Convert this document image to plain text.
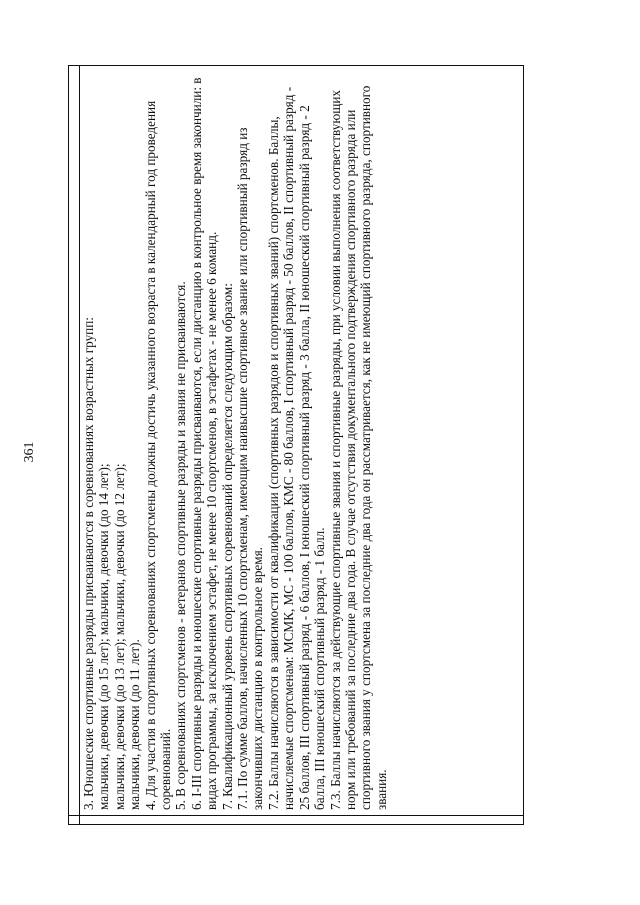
361	3. Юношеские спортивные разряды присваиваются в соревнованиях возрастных групп: мальчики, девочки (до 15 лет); мальчики, девочки (до 14 лет); мальчики, девочки (до 13 лет); мальчики, девочки (до 12 лет); мальчики, девочки (до 11 лет). 4. Для участия в спортивных соревнованиях спортсмены должны достичь указанного возраста в календарный год проведения соревнований. 5. В соревнованиях спортсменов - ветеранов спортивные разряды и звания не присваиваются. 6. I-III спортивные разряды и юношеские спортивные разряды присваиваются, если дистанцию в контрольное время закончили: в видах программы, за исключением эстафет, не менее 10 спортсменов, в эстафетах - не менее 6 команд. 7. Квалификационный уровень спортивных соревнований определяется следующим образом: 7.1. По сумме баллов, начисленных 10 спортсменам, имеющим наивысшие спортивное звание или спортивный разряд из закончивших дистанцию в контрольное время. 7.2. Баллы начисляются в зависимости от квалификации (спортивных разрядов и спортивных званий) спортсменов. Баллы, начисляемые спортсменам: МСМК, МС - 100 баллов, КМС - 80 баллов, I спортивный разряд - 50 баллов, II спортивный разряд - 25 баллов, III спортивный разряд - 6 баллов, I юношеский спортивный разряд - 3 балла, II юношеский спортивный разряд - 2 балла, III юношеский спортивный разряд - 1 балл. 7.3. Баллы начисляются за действующие спортивные звания и спортивные разряды, при условии выполнения соответствующих норм или требований за последние два года. В случае отсутствия документального подтверждения спортивного разряда или спортивного звания у спортсмена за последние два года он рассматривается, как не имеющий спортивного разряда, спортивного звания.
